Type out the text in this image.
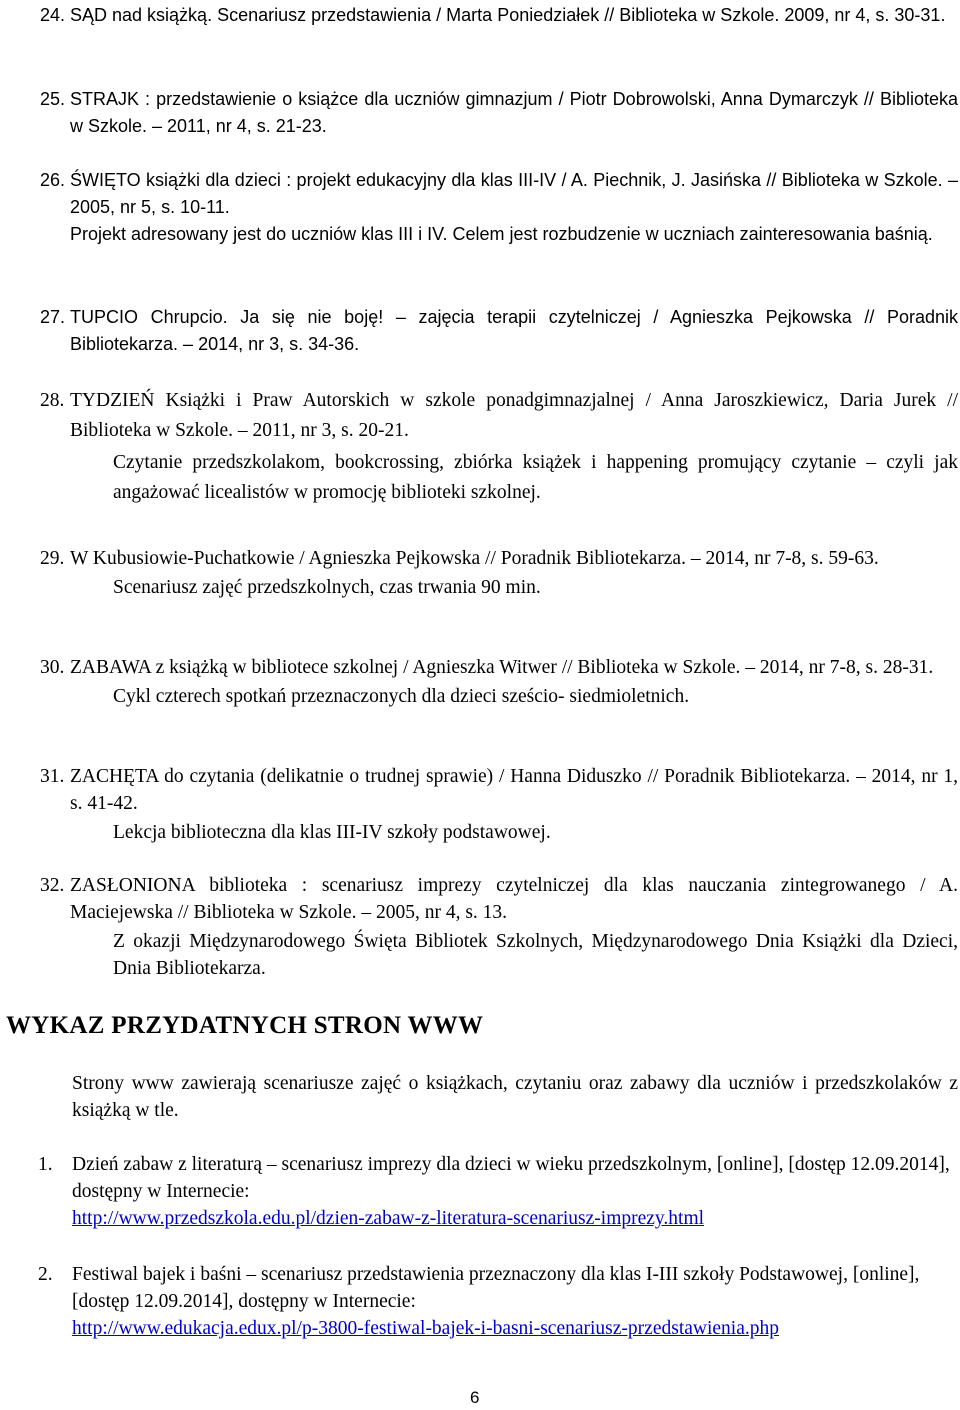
24. SĄD nad książką. Scenariusz przedstawienia / Marta Poniedziałek // Biblioteka w Szkole. 2009, nr 4, s. 30-31.
25. STRAJK : przedstawienie o książce dla uczniów gimnazjum / Piotr Dobrowolski, Anna Dymarczyk // Biblioteka w Szkole. – 2011, nr 4, s. 21-23.
26. ŚWIĘTO książki dla dzieci : projekt edukacyjny dla klas III-IV / A. Piechnik, J. Jasińska // Biblioteka w Szkole. – 2005, nr 5, s. 10-11.
Projekt adresowany jest do uczniów klas III i IV. Celem jest rozbudzenie w uczniach zainteresowania baśnią.
27. TUPCIO Chrupcio. Ja się nie boję! – zajęcia terapii czytelniczej / Agnieszka Pejkowska // Poradnik Bibliotekarza. – 2014, nr 3, s. 34-36.
28. TYDZIEŃ Książki i Praw Autorskich w szkole ponadgimnazjalnej / Anna Jaroszkiewicz, Daria Jurek // Biblioteka w Szkole. – 2011, nr 3, s. 20-21.
Czytanie przedszkolakom, bookcrossing, zbiórka książek i happening promujący czytanie – czyli jak angażować licealistów w promocję biblioteki szkolnej.
29. W Kubusiowie-Puchatkowie / Agnieszka Pejkowska // Poradnik Bibliotekarza. – 2014, nr 7-8, s. 59-63.
Scenariusz zajęć przedszkolnych, czas trwania 90 min.
30. ZABAWA z książką w bibliotece szkolnej / Agnieszka Witwer // Biblioteka w Szkole. – 2014, nr 7-8, s. 28-31.
Cykl czterech spotkań przeznaczonych dla dzieci sześcio- siedmioletnich.
31. ZACHĘTA do czytania (delikatnie o trudnej sprawie) / Hanna Diduszko // Poradnik Bibliotekarza. – 2014, nr 1, s. 41-42.
Lekcja biblioteczna dla klas III-IV szkoły podstawowej.
32. ZASŁONIONA biblioteka : scenariusz imprezy czytelniczej dla klas nauczania zintegrowanego / A. Maciejewska // Biblioteka w Szkole. – 2005, nr 4, s. 13.
Z okazji Międzynarodowego Święta Bibliotek Szkolnych, Międzynarodowego Dnia Książki dla Dzieci, Dnia Bibliotekarza.
WYKAZ PRZYDATNYCH STRON WWW
Strony www zawierają scenariusze zajęć o książkach, czytaniu oraz zabawy dla uczniów i przedszkolaków z książką w tle.
1. Dzień zabaw z literaturą – scenariusz imprezy dla dzieci w wieku przedszkolnym, [online], [dostęp 12.09.2014], dostępny w Internecie:
http://www.przedszkola.edu.pl/dzien-zabaw-z-literatura-scenariusz-imprezy.html
2. Festiwal bajek i baśni – scenariusz przedstawienia przeznaczony dla klas I-III szkoły Podstawowej, [online], [dostęp 12.09.2014], dostępny w Internecie:
http://www.edukacja.edux.pl/p-3800-festiwal-bajek-i-basni-scenariusz-przedstawienia.php
6
